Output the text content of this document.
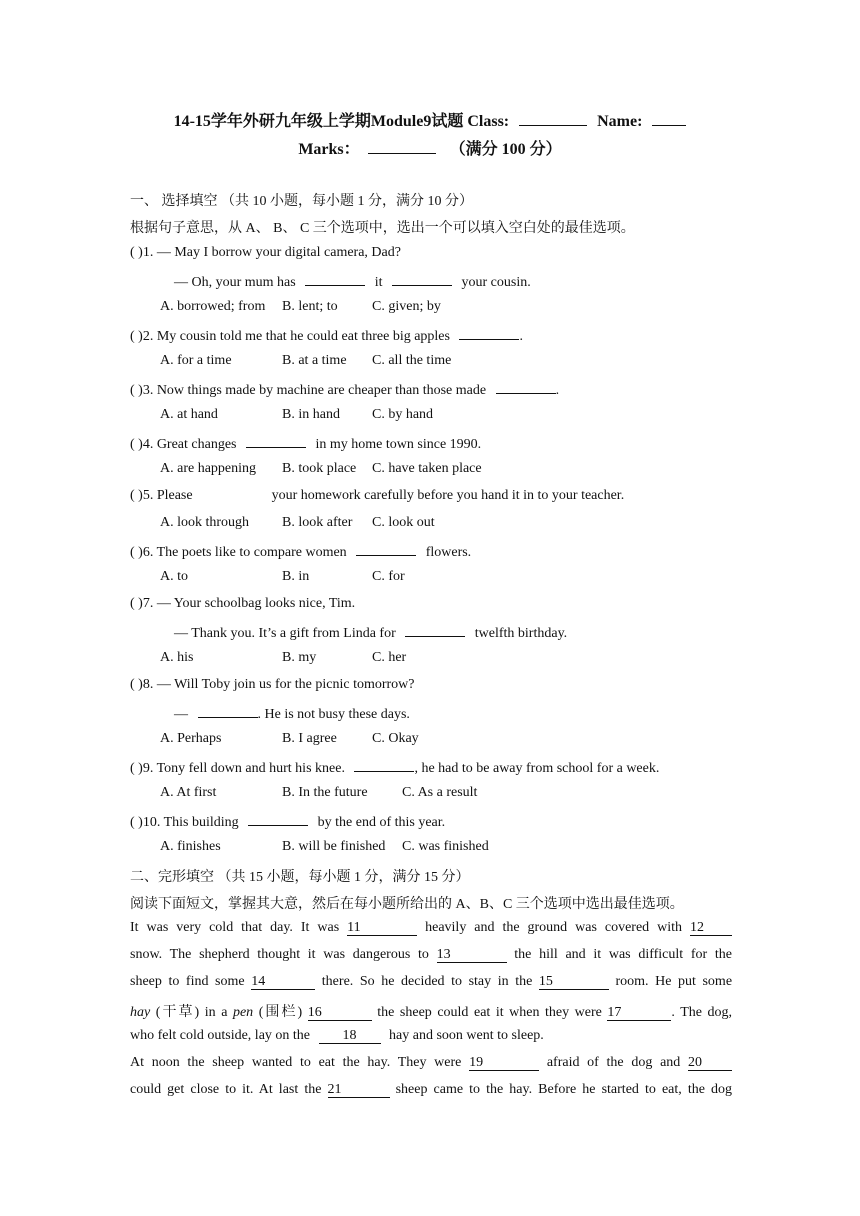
14-15学年外研九年级上学期Module9试题 Class:	Name:
Marks：	（满分 100 分）
一、 选择填空 （共 10 小题，每小题 1 分，满分 10 分）
根据句子意思，从 A、 B、 C 三个选项中，选出一个可以填入空白处的最佳选项。
( )1. — May I borrow your digital camera, Dad?
— Oh, your mum has	it	your cousin.
A. borrowed; from B. lent; to C. given; by
( )2. My cousin told me that he could eat three big apples	.
A. for a time	B. at a time C. all the time
( )3. Now things made by machine are cheaper than those made	.
A. at hand	B. in hand C. by hand
( )4. Great changes	in my home town since 1990.
A. are happening B. took place C. have taken place
( )5. Please	your homework carefully before you hand it in to your teacher.
A. look through B. look after C. look out
( )6. The poets like to compare women	flowers.
A. to	B. in	C. for
( )7. — Your schoolbag looks nice, Tim.
— Thank you. It’s a gift from Linda for	twelfth birthday.
A. his	B. my	C. her
( )8. — Will Toby join us for the picnic tomorrow?
—	. He is not busy these days.
A. Perhaps	B. I agree	C. Okay
( )9. Tony fell down and hurt his knee.	, he had to be away from school for a week.
A. At first	B. In the future C. As a result
( )10. This building	by the end of this year.
A. finishes	B. will be finished C. was finished
二、完形填空 （共 15 小题，每小题 1 分，满分 15 分）
阅读下面短文，掌握其大意，然后在每小题所给出的 A、B、C 三个选项中选出最佳选项。
It was very cold that day. It was 11	heavily and the ground was covered with 12
snow. The shepherd thought it was dangerous to 13	the hill and it was difficult for the
sheep to find some 14	there. So he decided to stay in the 15	room. He put some
hay (干草) in a pen (围栏) 16	the sheep could eat it when they were 17	. The dog,
who felt cold outside, lay on the 18 hay and soon went to sleep.
At noon the sheep wanted to eat the hay. They were 19	afraid of the dog and 20
could get close to it. At last the 21	sheep came to the hay. Before he started to eat, the dog
